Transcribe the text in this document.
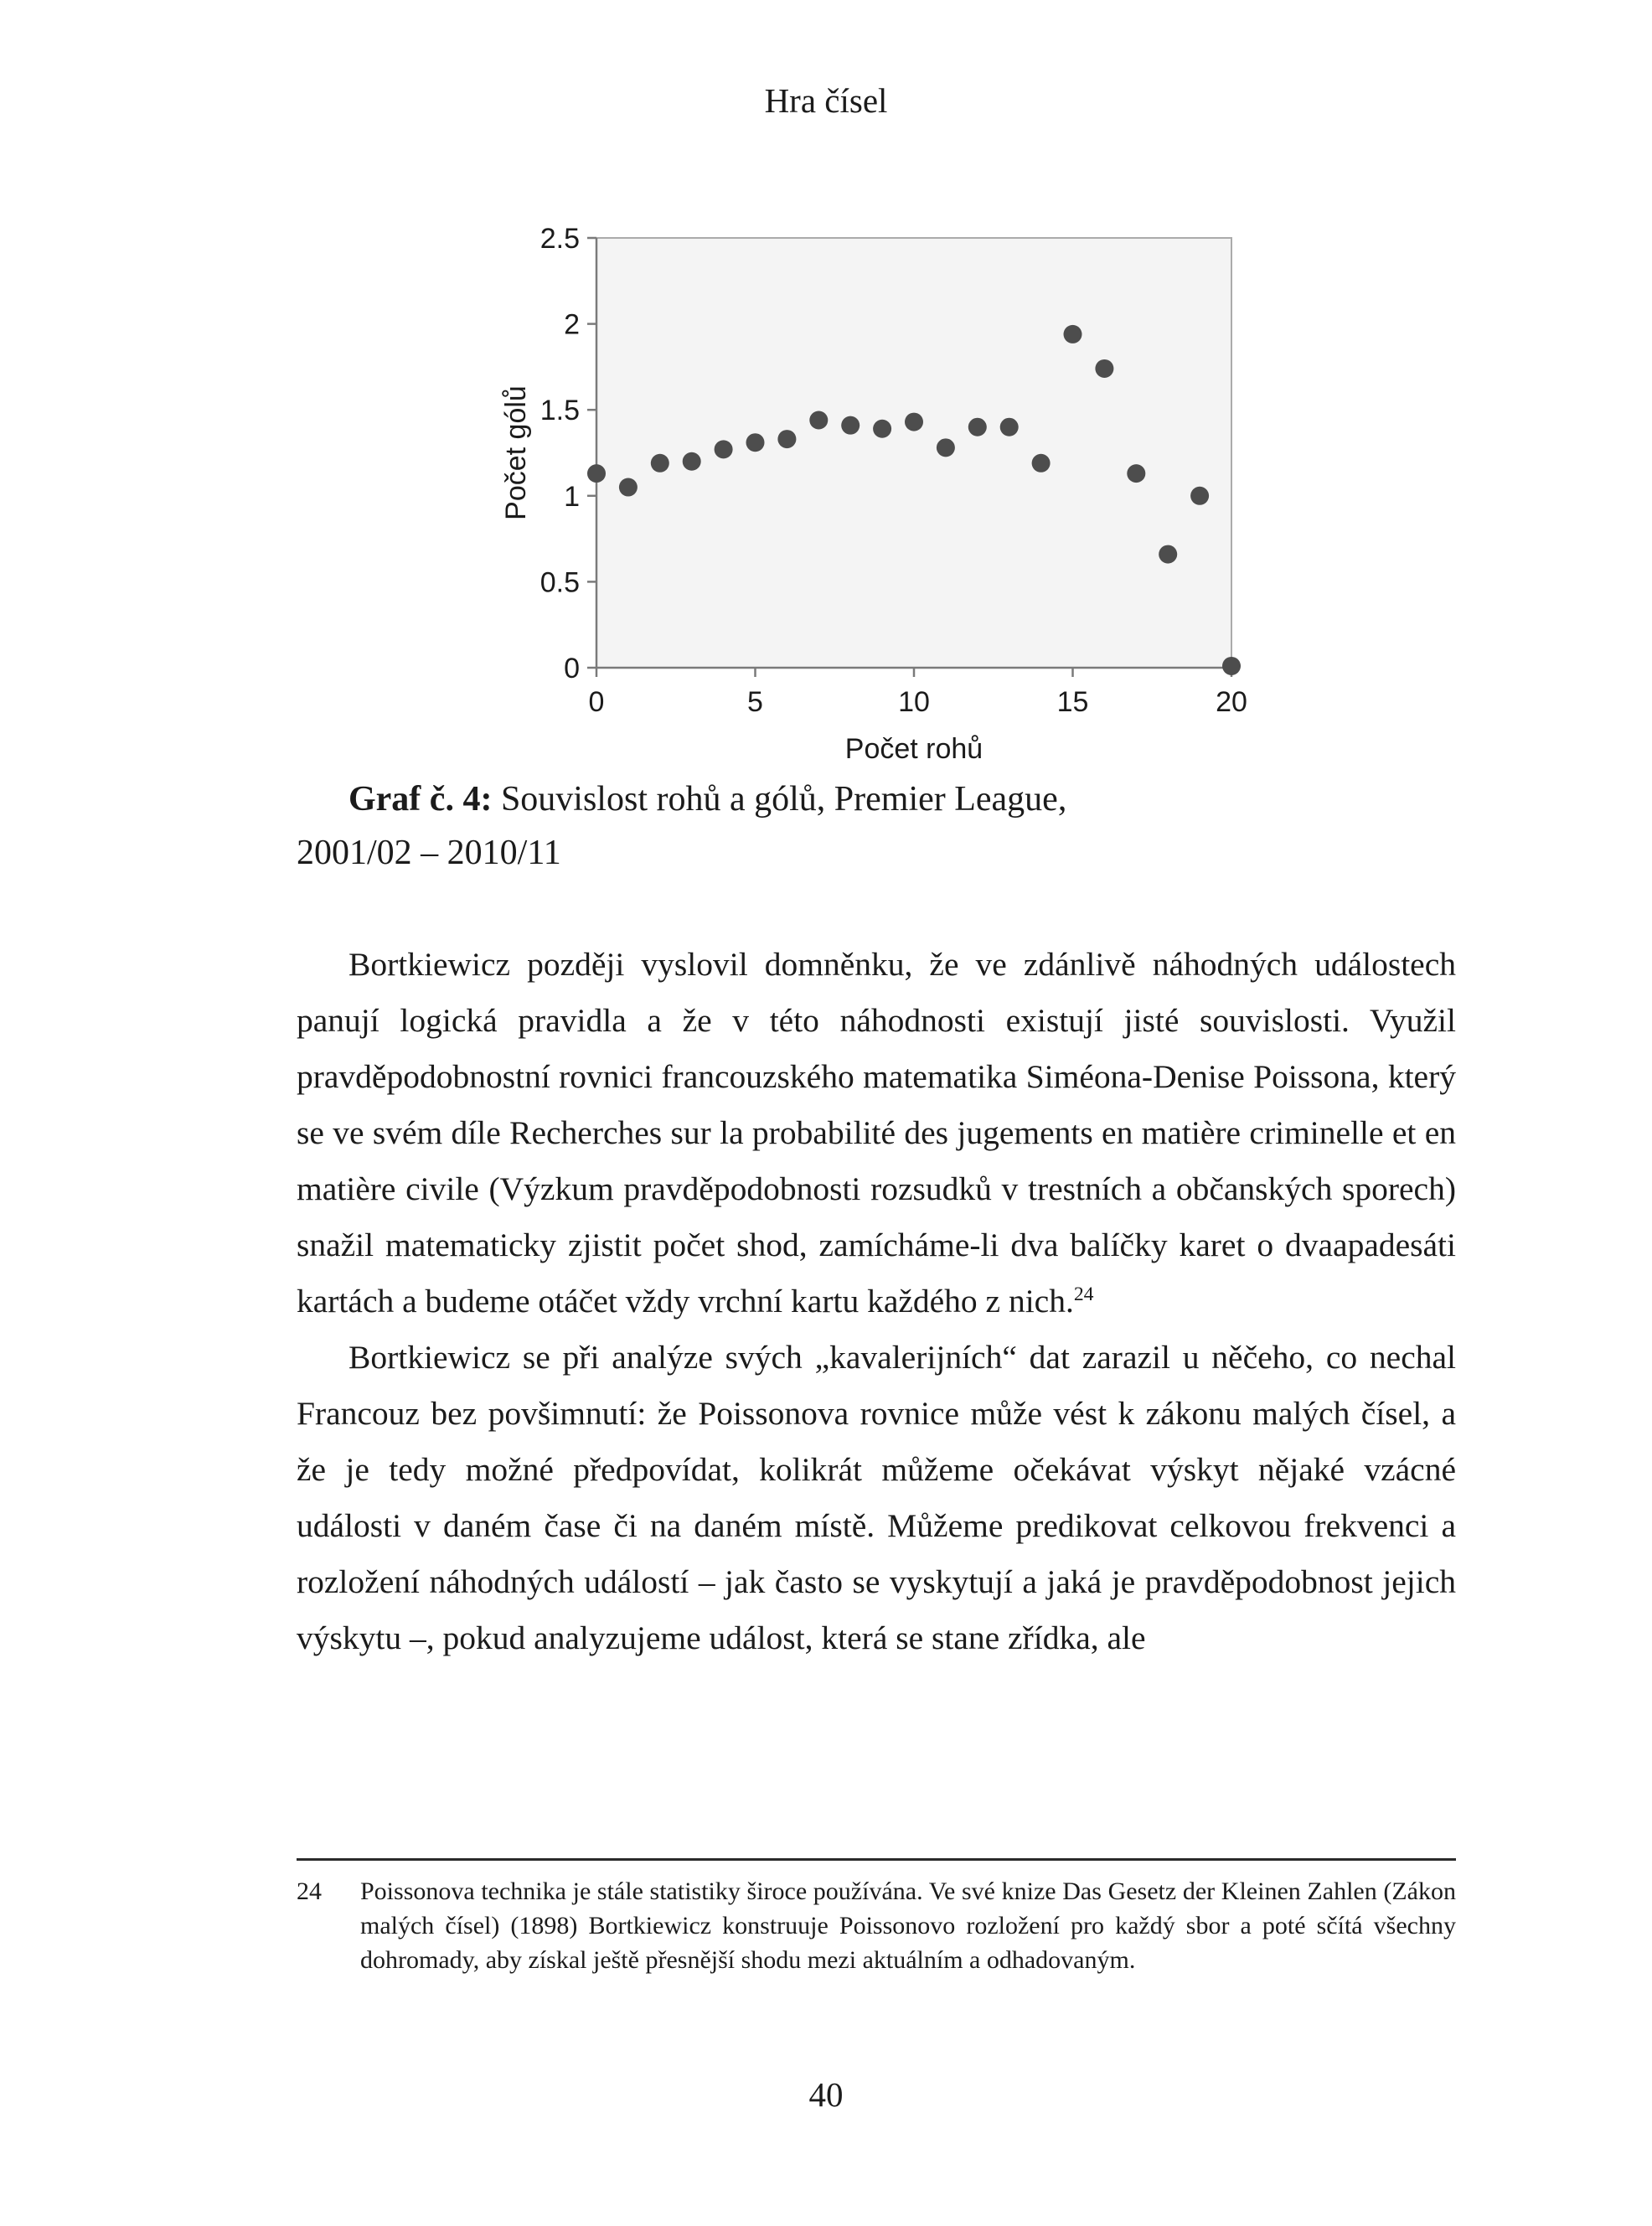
Hra čísel
0
0.5
1
1.5
2
2.5
0	5	10	15	20
Počet gólů
Počet rohů
Graf č. 4: Souvislost rohů a gólů, Premier League,
2001/02 – 2010/11

Bortkiewicz později vyslovil domněnku, že ve zdánlivě náhodných událostech panují logická pravidla a že v této náhodnosti existují jisté souvislosti. Využil pravděpodobnostní rovnici francouzského matematika Siméona-Denise Poissona, který se ve svém díle Recherches sur la probabilité des jugements en matière criminelle et en matière civile (Výzkum pravděpodobnosti rozsudků v trestních a občanských sporech) snažil matematicky zjistit počet shod, zamícháme-li dva balíčky karet o dvaapadesáti kartách a budeme otáčet vždy vrchní kartu každého z nich.$^{24}$

Bortkiewicz se při analýze svých „kavalerijních“ dat zarazil u něčeho, co nechal Francouz bez povšimnutí: že Poissonova rovnice může vést k zákonu malých čísel, a že je tedy možné předpovídat, kolikrát můžeme očekávat výskyt nějaké vzácné události v daném čase či na daném místě. Můžeme predikovat celkovou frekvenci a rozložení náhodných událostí – jak často se vyskytují a jaká je pravděpodobnost jejich výskytu –, pokud analyzujeme událost, která se stane zřídka, ale

24	Poissonova technika je stále statistiky široce používána. Ve své knize Das Gesetz der Kleinen Zahlen (Zákon malých čísel) (1898) Bortkiewicz konstruuje Poissonovo rozložení pro každý sbor a poté sčítá všechny dohromady, aby získal ještě přesnější shodu mezi aktuálním a odhadovaným.
40
